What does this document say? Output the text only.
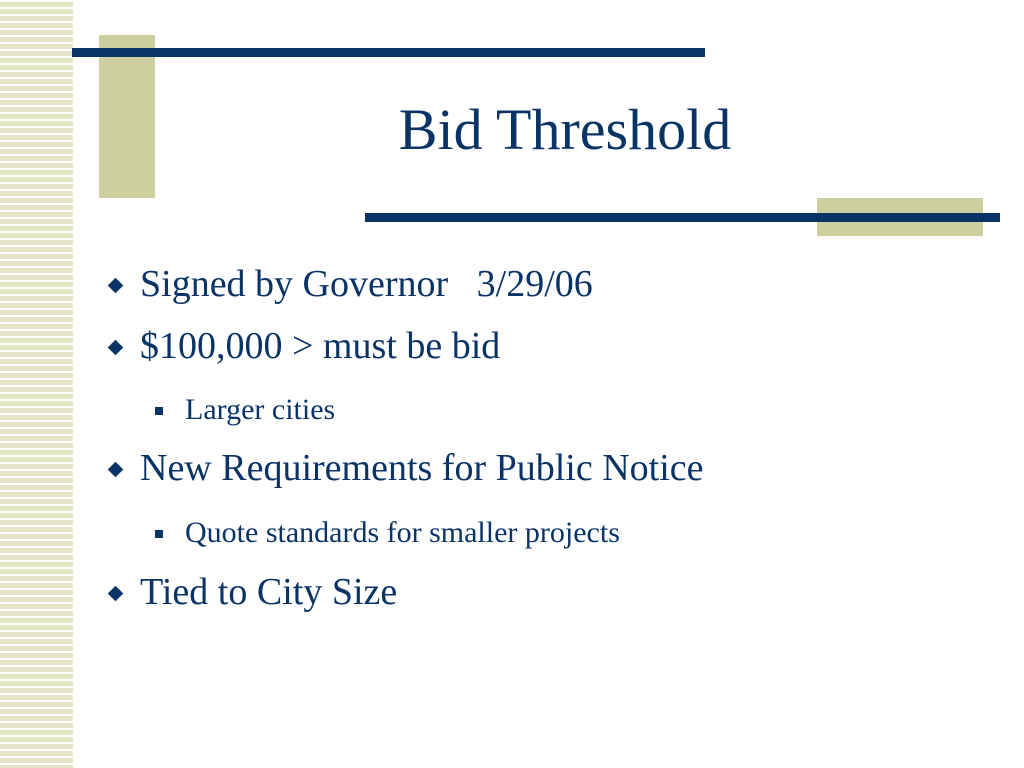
Bid Threshold
Signed by Governor   3/29/06
$100,000 > must be bid
Larger cities
New Requirements for Public Notice
Quote standards for smaller projects
Tied to City Size
